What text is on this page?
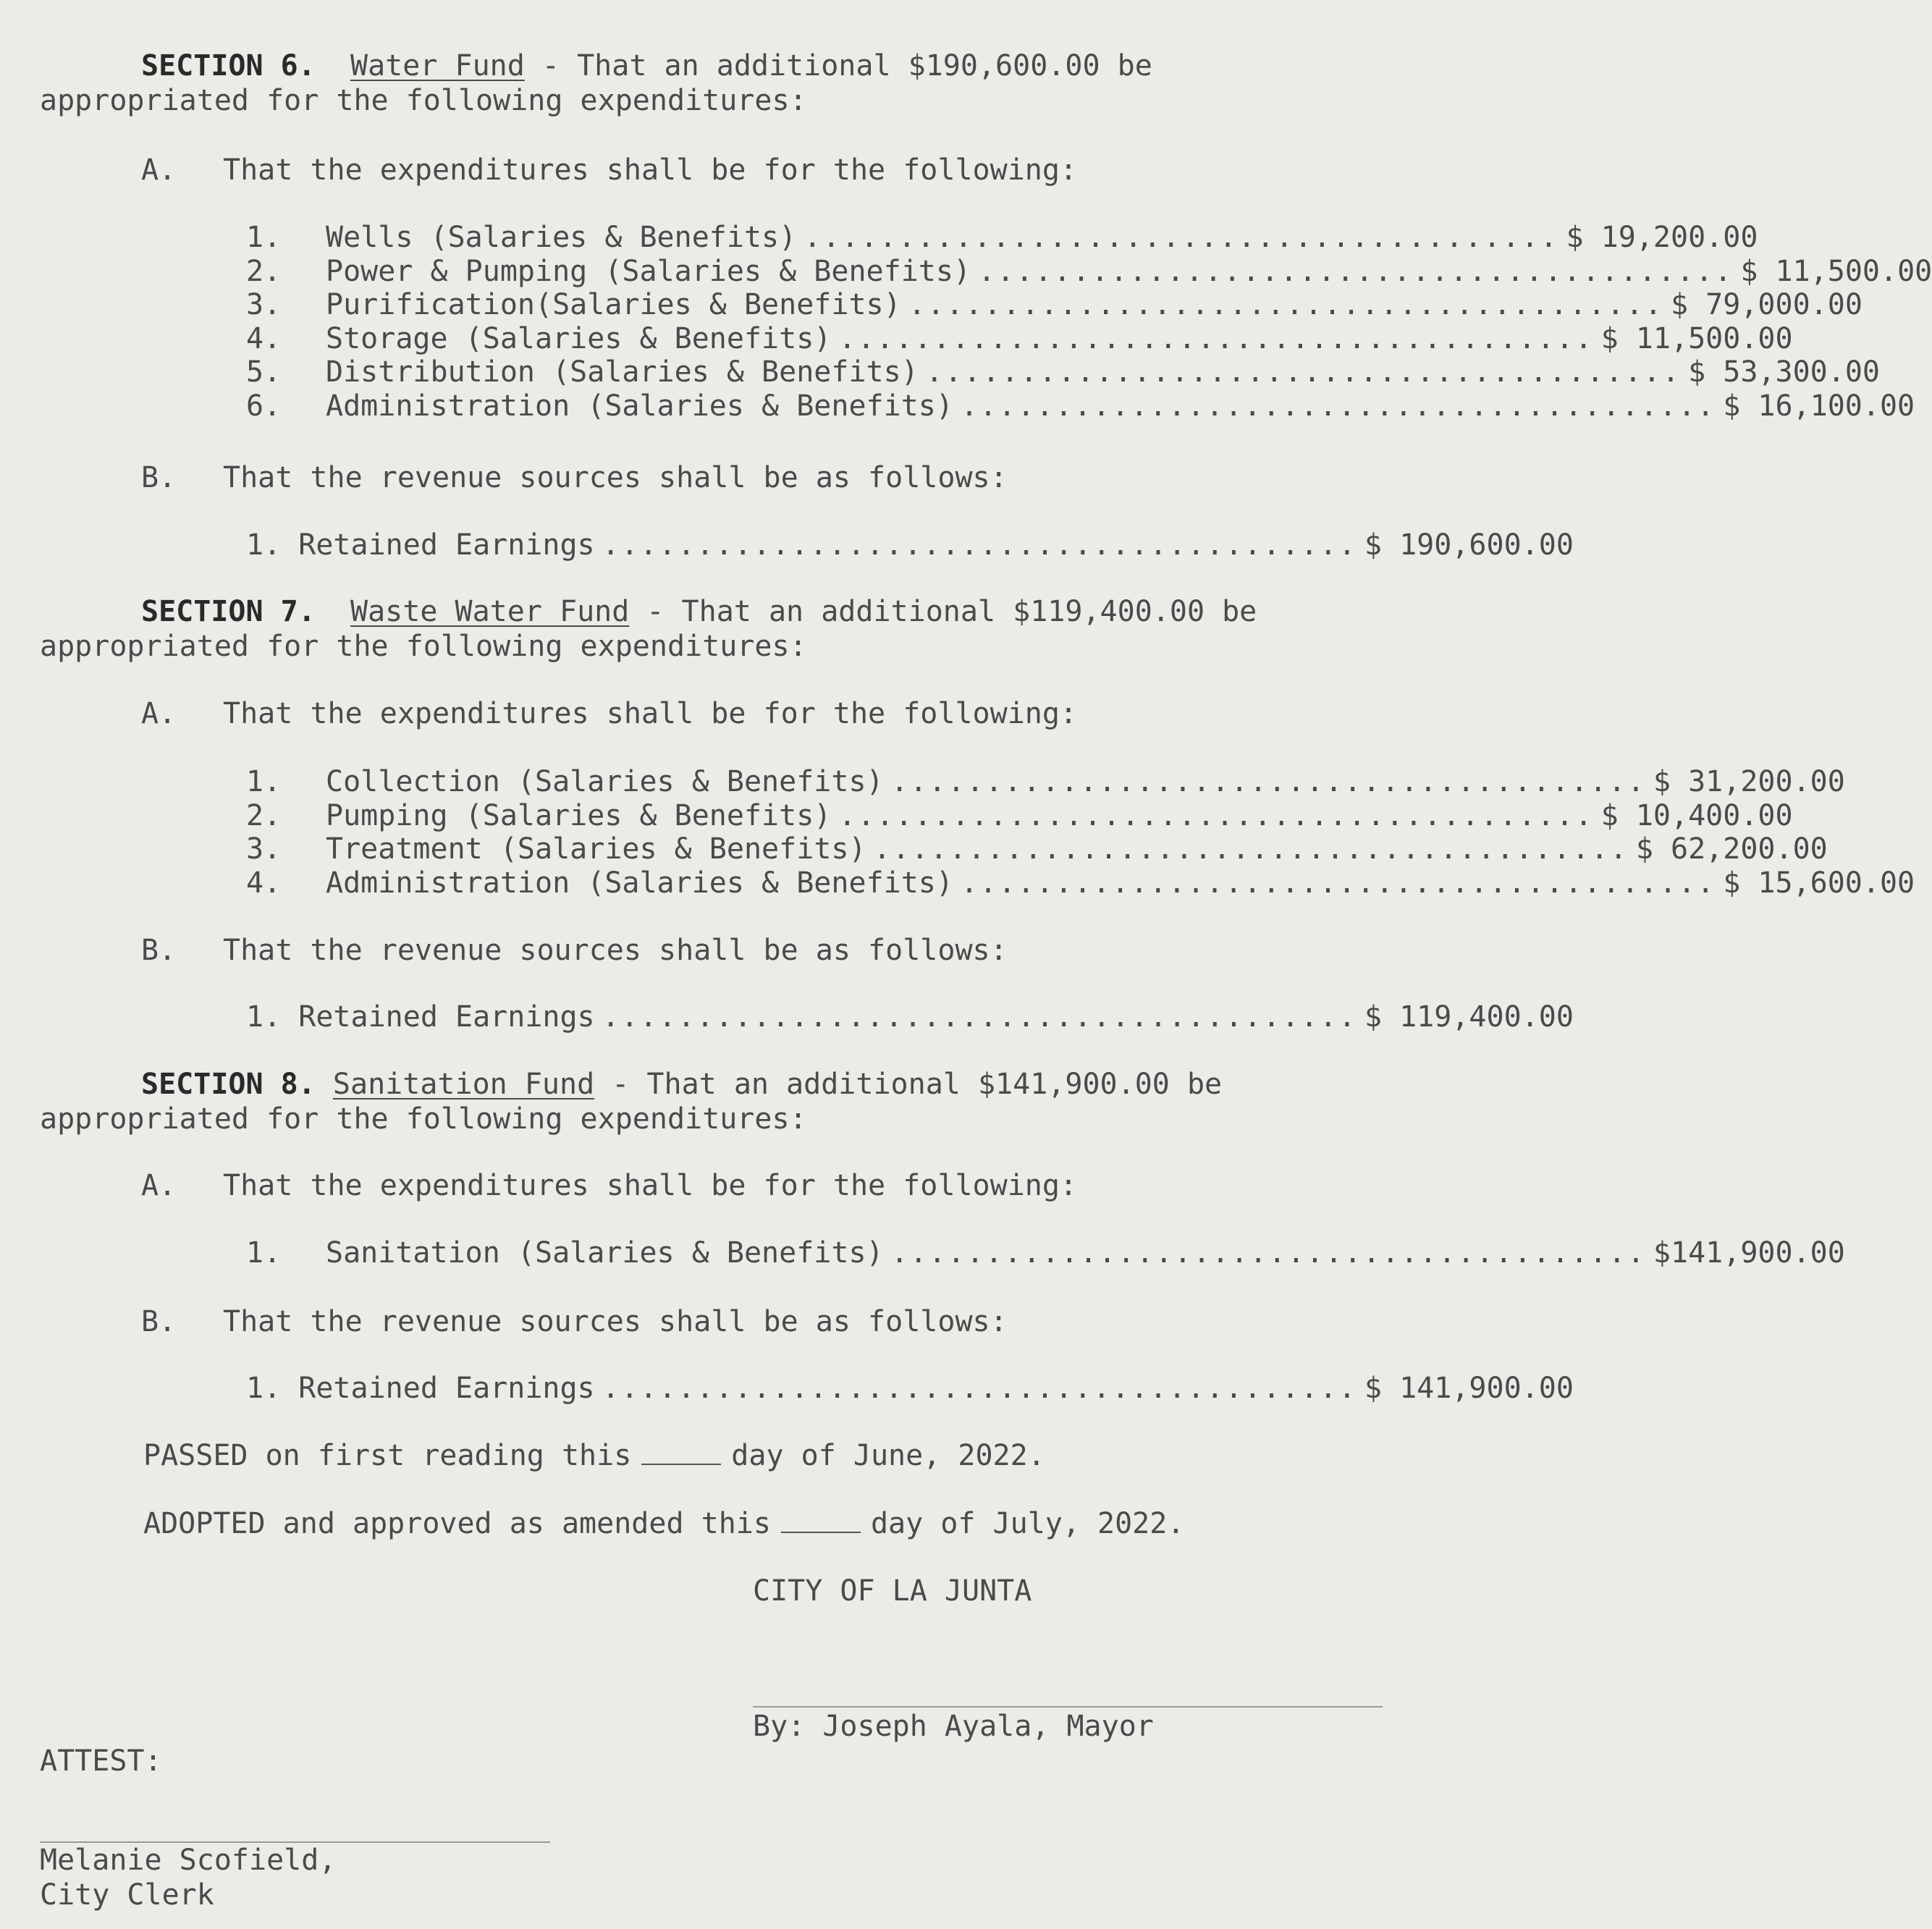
SECTION 6. Water Fund - That an additional $190,600.00 be
appropriated for the following expenditures:
A. That the expenditures shall be for the following:
1.	Wells (Salaries & Benefits) ........................................ $ 19,200.00
2.	Power & Pumping (Salaries & Benefits) ........................................ $ 11,500.00
3.	Purification(Salaries & Benefits) ........................................ $ 79,000.00
4.	Storage (Salaries & Benefits) ........................................ $ 11,500.00
5.	Distribution (Salaries & Benefits) ........................................ $ 53,300.00
6.	Administration (Salaries & Benefits) ........................................ $ 16,100.00
B. That the revenue sources shall be as follows:
1. Retained Earnings ........................................ $ 190,600.00
SECTION 7. Waste Water Fund - That an additional $119,400.00 be
appropriated for the following expenditures:
A. That the expenditures shall be for the following:
1.	Collection (Salaries & Benefits) ........................................ $ 31,200.00
2.	Pumping (Salaries & Benefits) ........................................ $ 10,400.00
3.	Treatment (Salaries & Benefits) ........................................ $ 62,200.00
4.	Administration (Salaries & Benefits) ........................................ $ 15,600.00
B. That the revenue sources shall be as follows:
1. Retained Earnings ........................................ $ 119,400.00
SECTION 8. Sanitation Fund - That an additional $141,900.00 be
appropriated for the following expenditures:
A. That the expenditures shall be for the following:
1.	Sanitation (Salaries & Benefits) ........................................ $141,900.00
B. That the revenue sources shall be as follows:
1. Retained Earnings ........................................ $ 141,900.00
PASSED on first reading this	day of June, 2022.
ADOPTED and approved as amended this	day of July, 2022.
CITY OF LA JUNTA
By: Joseph Ayala, Mayor
ATTEST:
Melanie Scofield,
City Clerk
